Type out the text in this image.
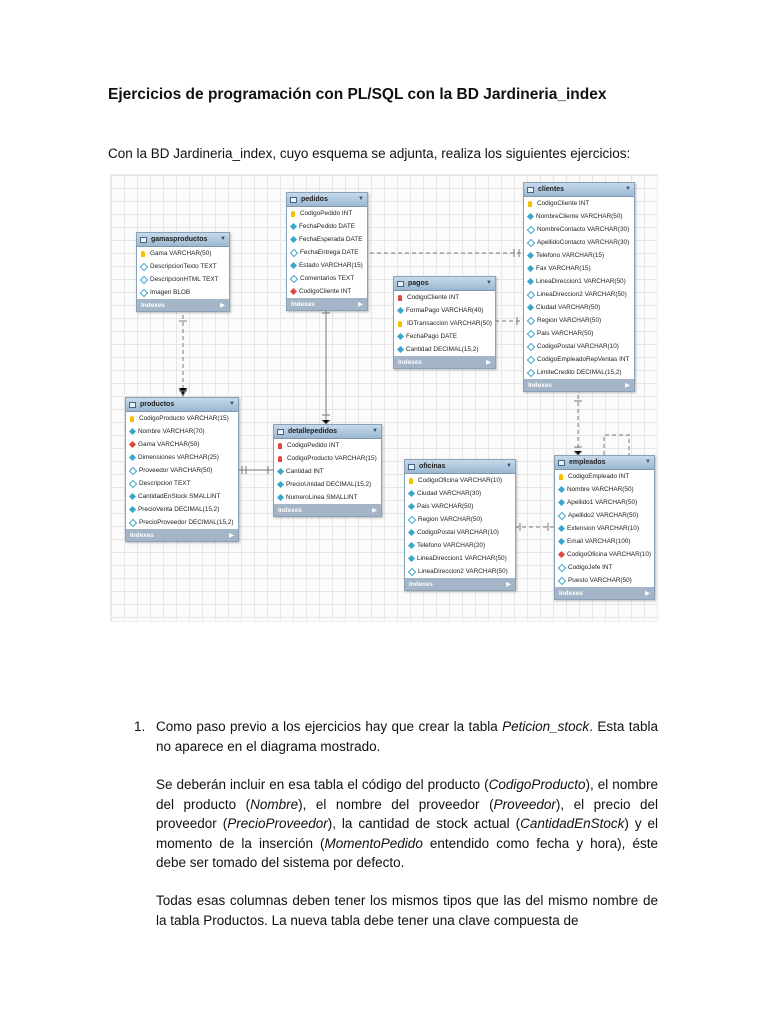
Ejercicios de programación con PL/SQL con la BD Jardineria_index
Con la BD Jardineria_index, cuyo esquema se adjunta, realiza los siguientes ejercicios:
gamasproductos	▼
Gama VARCHAR(50)
DescripcionTexto TEXT
DescripcionHTML TEXT
Imagen BLOB
Indexes	▶
pedidos	▼
CodigoPedido INT
FechaPedido DATE
FechaEsperada DATE
FechaEntrega DATE
Estado VARCHAR(15)
Comentarios TEXT
CodigoCliente INT
Indexes	▶
pagos	▼
CodigoCliente INT
FormaPago VARCHAR(40)
IDTransaccion VARCHAR(50)
FechaPago DATE
Cantidad DECIMAL(15,2)
Indexes	▶
clientes	▼
CodigoCliente INT
NombreCliente VARCHAR(50)
NombreContacto VARCHAR(30)
ApellidoContacto VARCHAR(30)
Telefono VARCHAR(15)
Fax VARCHAR(15)
LineaDireccion1 VARCHAR(50)
LineaDireccion2 VARCHAR(50)
Ciudad VARCHAR(50)
Region VARCHAR(50)
Pais VARCHAR(50)
CodigoPostal VARCHAR(10)
CodigoEmpleadoRepVentas INT
LimiteCredito DECIMAL(15,2)
Indexes	▶
productos	▼
CodigoProducto VARCHAR(15)
Nombre VARCHAR(70)
Gama VARCHAR(50)
Dimensiones VARCHAR(25)
Proveedor VARCHAR(50)
Descripcion TEXT
CantidadEnStock SMALLINT
PrecioVenta DECIMAL(15,2)
PrecioProveedor DECIMAL(15,2)
Indexes	▶
detallepedidos	▼
CodigoPedido INT
CodigoProducto VARCHAR(15)
Cantidad INT
PrecioUnidad DECIMAL(15,2)
NumeroLinea SMALLINT
Indexes	▶
oficinas	▼
CodigoOficina VARCHAR(10)
Ciudad VARCHAR(30)
Pais VARCHAR(50)
Region VARCHAR(50)
CodigoPostal VARCHAR(10)
Telefono VARCHAR(20)
LineaDireccion1 VARCHAR(50)
LineaDireccion2 VARCHAR(50)
Indexes	▶
empleados	▼
CodigoEmpleado INT
Nombre VARCHAR(50)
Apellido1 VARCHAR(50)
Apellido2 VARCHAR(50)
Extension VARCHAR(10)
Email VARCHAR(100)
CodigoOficina VARCHAR(10)
CodigoJefe INT
Puesto VARCHAR(50)
Indexes	▶
1. Como paso previo a los ejercicios hay que crear la tabla Peticion_stock. Esta tabla no aparece en el diagrama mostrado.
Se deberán incluir en esa tabla el código del producto (CodigoProducto), el nombre del producto (Nombre), el nombre del proveedor (Proveedor), el precio del proveedor (PrecioProveedor), la cantidad de stock actual (CantidadEnStock) y el momento de la inserción (MomentoPedido entendido como fecha y hora), éste debe ser tomado del sistema por defecto.
Todas esas columnas deben tener los mismos tipos que las del mismo nombre de la tabla Productos. La nueva tabla debe tener una clave compuesta de
